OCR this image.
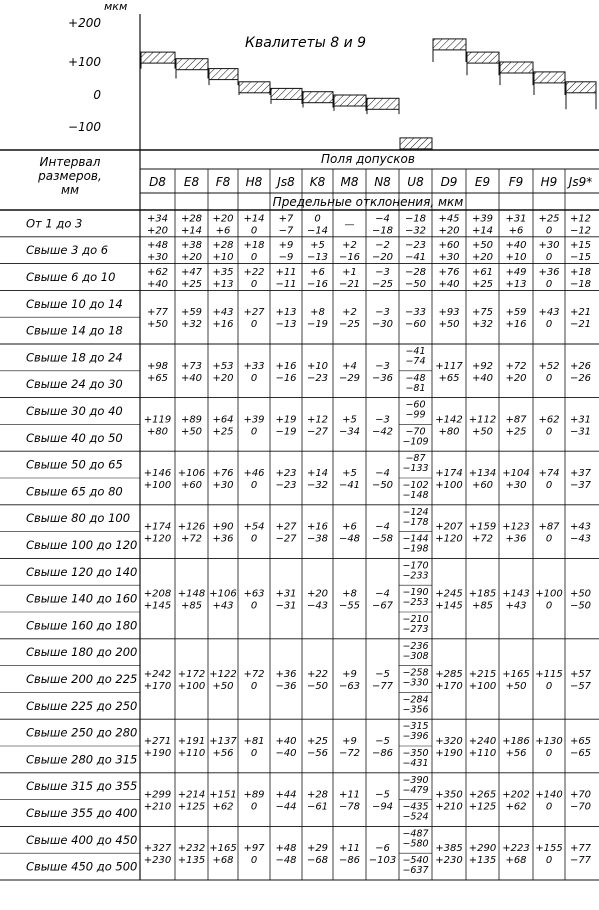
мкм
+200
+100
0
−100
Квалитеты 8 и 9
Интервал
размеров,
мм
Поля допусков
Предельные отклонения, мкм
D8 E8 F8 H8 Js8 K8 M8 N8 U8 D9 E9 F9 H9 Js9*
От 1 до 3
Свыше 3 до 6
Свыше 6 до 10
Свыше 10 до 14
Свыше 14 до 18
Свыше 18 до 24
Свыше 24 до 30
Свыше 30 до 40
Свыше 40 до 50
Свыше 50 до 65
Свыше 65 до 80
Свыше 80 до 100
Свыше 100 до 120
Свыше 120 до 140
Свыше 140 до 160
Свыше 160 до 180
Свыше 180 до 200
Свыше 200 до 225
Свыше 225 до 250
Свыше 250 до 280
Свыше 280 до 315
Свыше 315 до 355
Свыше 355 до 400
Свыше 400 до 450
Свыше 450 до 500
+34
+20
+28
+14
+20
+6
+14
0
+7
−7
0
−14
—
−4
−18
−18
−32
+45
+20
+39
+14
+31
+6
+25
0
+12
−12
+48
+30
+38
+20
+28
+10
+18
0
+9
−9
+5
−13
+2
−16
−2
−20
−23
−41
+60
+30
+50
+20
+40
+10
+30
0
+15
−15
+62
+40
+47
+25
+35
+13
+22
0
+11
−11
+6
−16
+1
−21
−3
−25
−28
−50
+76
+40
+61
+25
+49
+13
+36
0
+18
−18
+77
+50
+59
+32
+43
+16
+27
0
+13
−13
+8
−19
+2
−25
−3
−30
−33
−60
+93
+50
+75
+32
+59
+16
+43
0
+21
−21
+98
+65
+73
+40
+53
+20
+33
0
+16
−16
+10
−23
+4
−29
−3
−36
−41
−74
−48
−81
+117
+65
+92
+40
+72
+20
+52
0
+26
−26
+119
+80
+89
+50
+64
+25
+39
0
+19
−19
+12
−27
+5
−34
−3
−42
−60
−99
−70
−109
+142
+80
+112
+50
+87
+25
+62
0
+31
−31
+146
+100
+106
+60
+76
+30
+46
0
+23
−23
+14
−32
+5
−41
−4
−50
−87
−133
−102
−148
+174
+100
+134
+60
+104
+30
+74
0
+37
−37
+174
+120
+126
+72
+90
+36
+54
0
+27
−27
+16
−38
+6
−48
−4
−58
−124
−178
−144
−198
+207
+120
+159
+72
+123
+36
+87
0
+43
−43
+208
+145
+148
+85
+106
+43
+63
0
+31
−31
+20
−43
+8
−55
−4
−67
−170
−233
−190
−253
−210
−273
+245
+145
+185
+85
+143
+43
+100
0
+50
−50
+242
+170
+172
+100
+122
+50
+72
0
+36
−36
+22
−50
+9
−63
−5
−77
−236
−308
−258
−330
−284
−356
+285
+170
+215
+100
+165
+50
+115
0
+57
−57
+271
+190
+191
+110
+137
+56
+81
0
+40
−40
+25
−56
+9
−72
−5
−86
−315
−396
−350
−431
+320
+190
+240
+110
+186
+56
+130
0
+65
−65
+299
+210
+214
+125
+151
+62
+89
0
+44
−44
+28
−61
+11
−78
−5
−94
−390
−479
−435
−524
+350
+210
+265
+125
+202
+62
+140
0
+70
−70
+327
+230
+232
+135
+165
+68
+97
0
+48
−48
+29
−68
+11
−86
−6
−103
−487
−580
−540
−637
+385
+230
+290
+135
+223
+68
+155
0
+77
−77
